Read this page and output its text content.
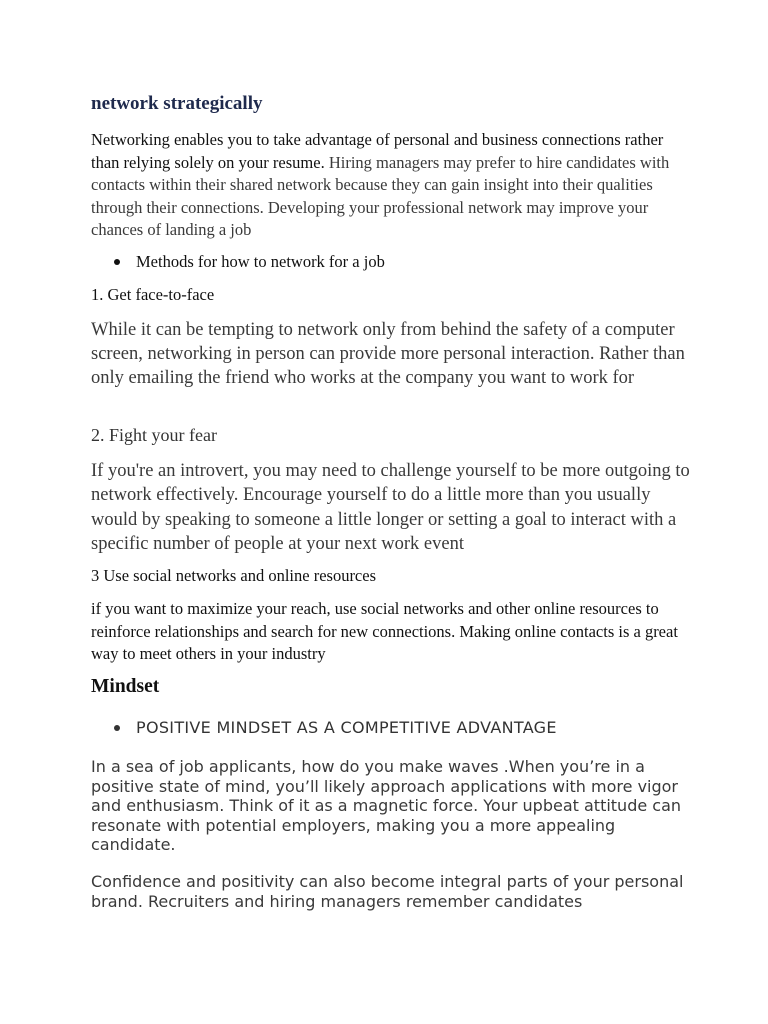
network strategically

Networking enables you to take advantage of personal and business connections rather than relying solely on your resume. Hiring managers may prefer to hire candidates with contacts within their shared network because they can gain insight into their qualities through their connections. Developing your professional network may improve your chances of landing a job

Methods for how to network for a job

1. Get face-to-face

While it can be tempting to network only from behind the safety of a computer screen, networking in person can provide more personal interaction. Rather than only emailing the friend who works at the company you want to work for

2. Fight your fear

If you're an introvert, you may need to challenge yourself to be more outgoing to network effectively. Encourage yourself to do a little more than you usually would by speaking to someone a little longer or setting a goal to interact with a specific number of people at your next work event

3 Use social networks and online resources

if you want to maximize your reach, use social networks and other online resources to reinforce relationships and search for new connections. Making online contacts is a great way to meet others in your industry

Mindset
POSITIVE MINDSET AS A COMPETITIVE ADVANTAGE

In a sea of job applicants, how do you make waves .When you’re in a positive state of mind, you’ll likely approach applications with more vigor and enthusiasm. Think of it as a magnetic force. Your upbeat attitude can resonate with potential employers, making you a more appealing candidate.

Confidence and positivity can also become integral parts of your personal brand. Recruiters and hiring managers remember candidates
